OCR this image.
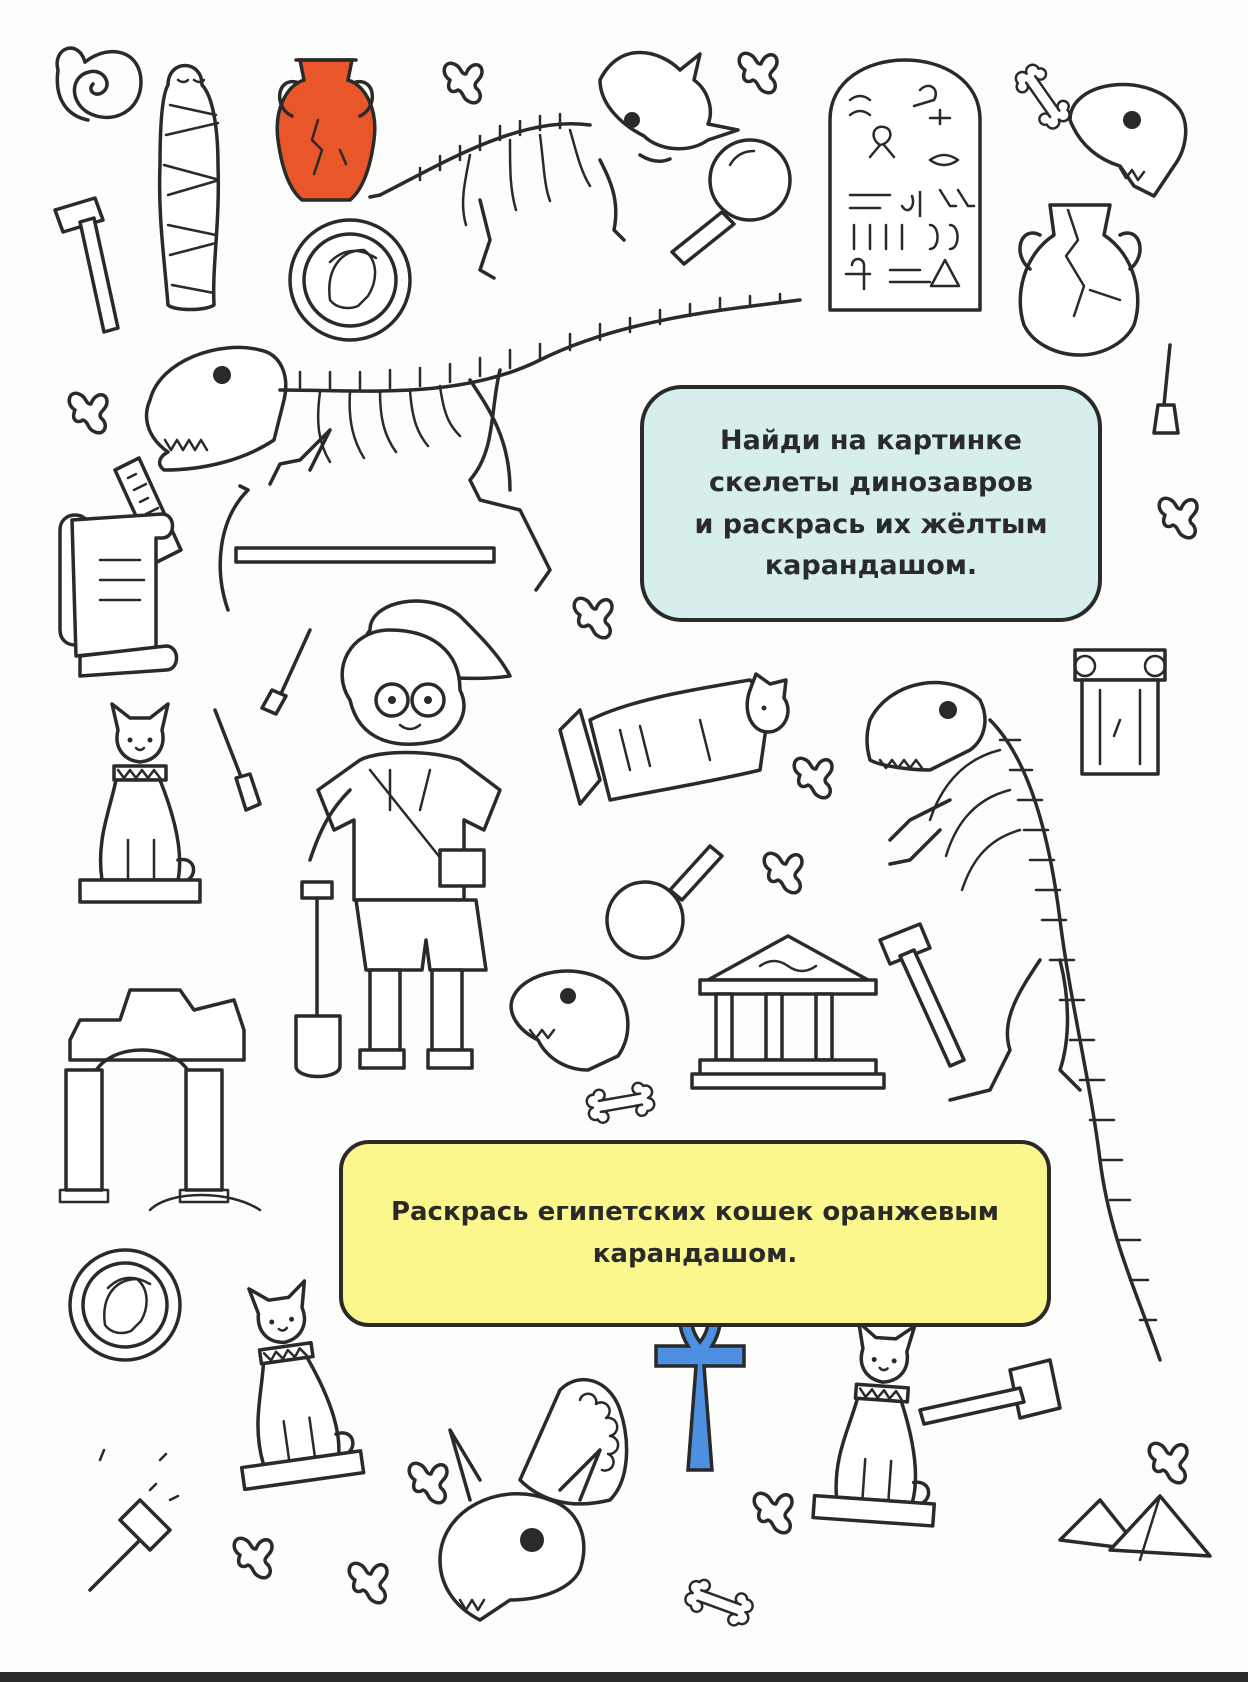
Найди на картинке
скелеты динозавров
и раскрась их жёлтым
карандашом.
Раскрась египетских кошек оранжевым
карандашом.
